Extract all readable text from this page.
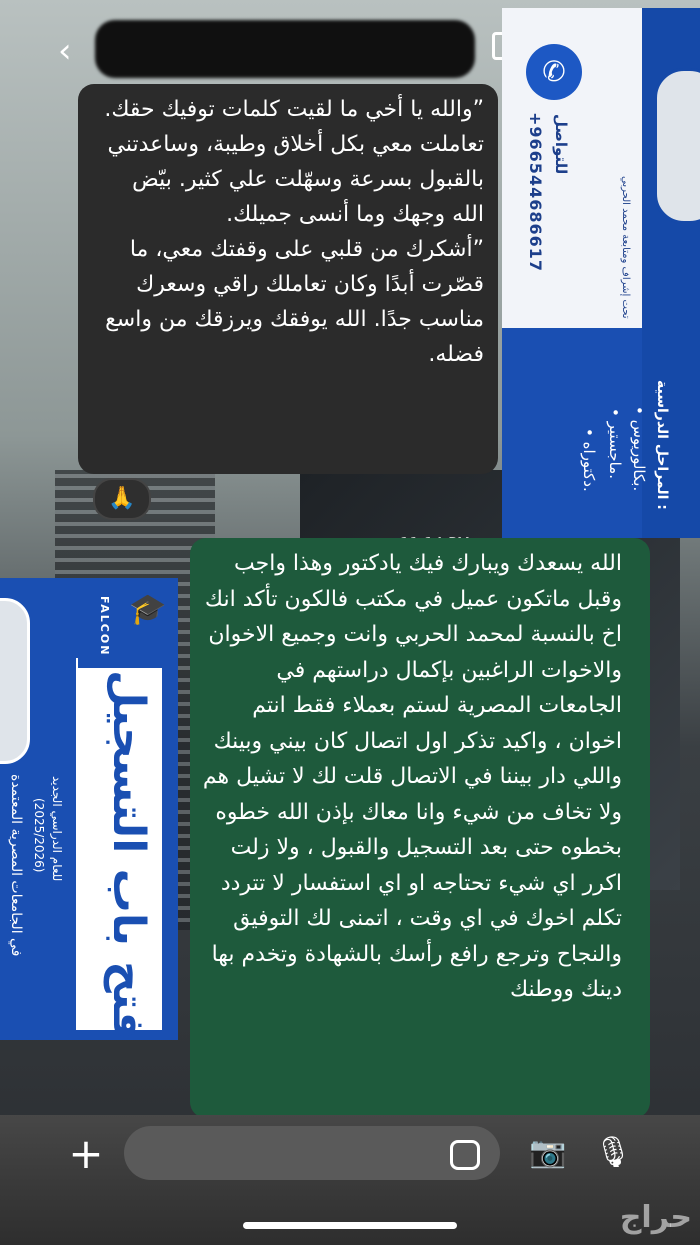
‹
✆
للتواصل
+966544686617	تحت إشراف ومتابعة محمد الحربي
المراحل الدراسية :
• بكالوريوس.
• ماجستير.
• دكتوراه.
🎓
FALCON
فتح باب التسجيل
للعام الدراسي الجديد
(2025/2026)
في الجامعات المصرية المعتمدة
”والله يا أخي ما لقيت كلمات توفيك حقك. تعاملت معي بكل أخلاق وطيبة، وساعدتني بالقبول بسرعة وسهّلت علي كثير. بيّض الله وجهك وما أنسى جميلك.
”أشكرك من قلبي على وقفتك معي، ما قصّرت أبدًا وكان تعاملك راقي وسعرك مناسب جدًا. الله يوفقك ويرزقك من واسع فضله.
🙏
الله يسعدك ويبارك فيك يادكتور وهذا واجب وقبل ماتكون عميل في مكتب فالكون تأكد انك اخ بالنسبة لمحمد الحربي وانت وجميع الاخوان والاخوات الراغبين بإكمال دراستهم في الجامعات المصرية لستم بعملاء فقط انتم اخوان ، واكيد تذكر اول اتصال كان بيني وبينك واللي دار بيننا في الاتصال قلت لك لا تشيل هم ولا تخاف من شيء وانا معاك بإذن الله خطوه بخطوه حتى بعد التسجيل والقبول ، ولا زلت اكرر اي شيء تحتاجه او اي استفسار لا تتردد تكلم اخوك في اي وقت ، اتمنى لك التوفيق والنجاح وترجع رافع رأسك بالشهادة وتخدم بها دينك ووطنك
+	📷 🎙
حراج
